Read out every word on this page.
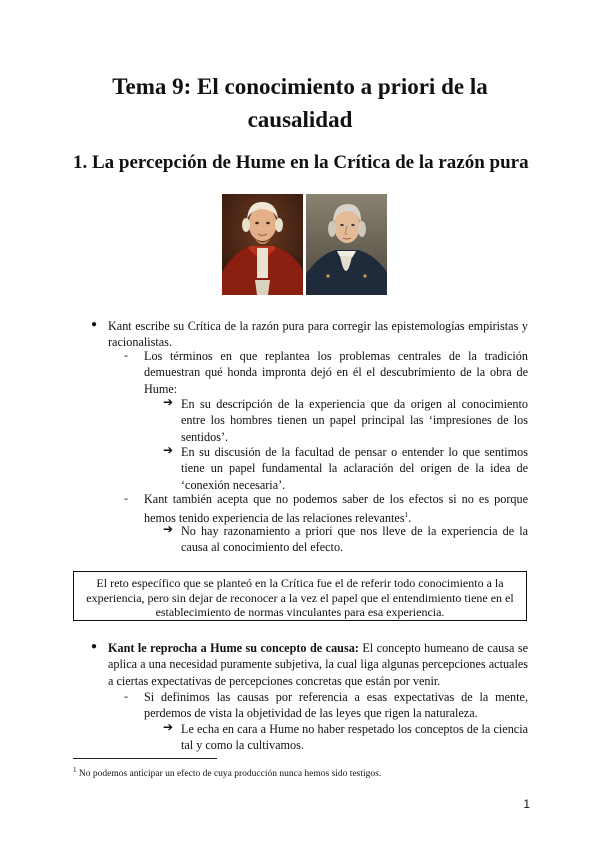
Tema 9: El conocimiento a priori de la causalidad
1. La percepción de Hume en la Crítica de la razón pura
● Kant escribe su Crítica de la razón pura para corregir las epistemologías empiristas y racionalistas.

- Los términos en que replantea los problemas centrales de la tradición demuestran qué honda impronta dejó en él el descubrimiento de la obra de Hume:

➔ En su descripción de la experiencia que da origen al conocimiento entre los hombres tienen un papel principal las ‘impresiones de los sentidos’.

➔ En su discusión de la facultad de pensar o entender lo que sentimos tiene un papel fundamental la aclaración del origen de la idea de ‘conexión necesaria’.

- Kant también acepta que no podemos saber de los efectos si no es porque hemos tenido experiencia de las relaciones relevantes$^1$.

➔ No hay razonamiento a priori que nos lleve de la experiencia de la causa al conocimiento del efecto.

El reto específico que se planteó en la Crítica fue el de referir todo conocimiento a la experiencia, pero sin dejar de reconocer a la vez el papel que el entendimiento tiene en el establecimiento de normas vinculantes para esa experiencia.

● Kant le reprocha a Hume su concepto de causa: El concepto humeano de causa se aplica a una necesidad puramente subjetiva, la cual liga algunas percepciones actuales a ciertas expectativas de percepciones concretas que están por venir.

- Si definimos las causas por referencia a esas expectativas de la mente, perdemos de vista la objetividad de las leyes que rigen la naturaleza.

➔ Le echa en cara a Hume no haber respetado los conceptos de la ciencia tal y como la cultivamos.

$^1$ No podemos anticipar un efecto de cuya producción nunca hemos sido testigos.

1
